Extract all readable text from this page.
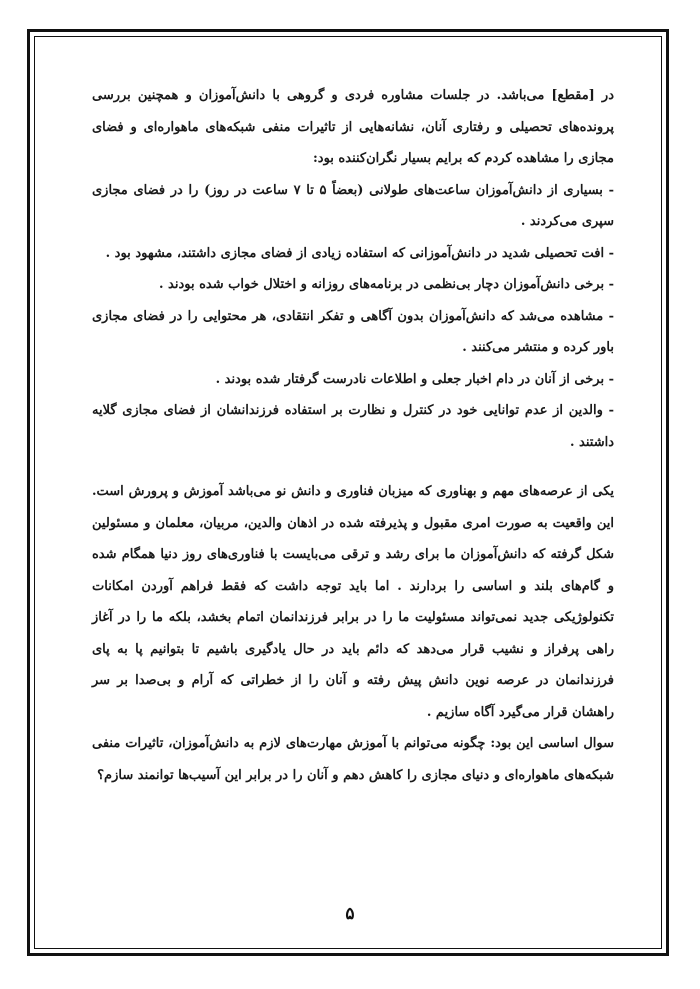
در [مقطع] می‌باشد. در جلسات مشاوره فردی و گروهی با دانش‌آموزان و همچنین بررسی پرونده‌های تحصیلی و رفتاری آنان، نشانه‌هایی از تاثیرات منفی شبکه‌های ماهواره‌ای و فضای مجازی را مشاهده کردم که برایم بسیار نگران‌کننده بود:

- بسیاری از دانش‌آموزان ساعت‌های طولانی (بعضاً ۵ تا ۷ ساعت در روز) را در فضای مجازی سپری می‌کردند .

- افت تحصیلی شدید در دانش‌آموزانی که استفاده زیادی از فضای مجازی داشتند، مشهود بود .

- برخی دانش‌آموزان دچار بی‌نظمی در برنامه‌های روزانه و اختلال خواب شده بودند .

- مشاهده می‌شد که دانش‌آموزان بدون آگاهی و تفکر انتقادی، هر محتوایی را در فضای مجازی باور کرده و منتشر می‌کنند .

- برخی از آنان در دام اخبار جعلی و اطلاعات نادرست گرفتار شده بودند .

- والدین از عدم توانایی خود در کنترل و نظارت بر استفاده فرزندانشان از فضای مجازی گلایه داشتند .

یکی از عرصه‌های مهم و بهناوری که میزبان فناوری و دانش نو می‌باشد آموزش و پرورش است. این واقعیت به صورت امری مقبول و پذیرفته شده در اذهان والدین، مربیان، معلمان و مسئولین شکل گرفته که دانش‌آموزان ما برای رشد و ترقی می‌بایست با فناوری‌های روز دنیا همگام شده و گام‌های بلند و اساسی را بردارند . اما باید توجه داشت که فقط فراهم آوردن امکانات تکنولوژیکی جدید نمی‌تواند مسئولیت ما را در برابر فرزندانمان اتمام بخشد، بلکه ما را در آغاز راهی پرفراز و نشیب قرار می‌دهد که دائم باید در حال یادگیری باشیم تا بتوانیم پا به پای فرزندانمان در عرصه نوین دانش پیش رفته و آنان را از خطراتی که آرام و بی‌صدا بر سر راهشان قرار می‌گیرد آگاه سازیم .

سوال اساسی این بود: چگونه می‌توانم با آموزش مهارت‌های لازم به دانش‌آموزان، تاثیرات منفی شبکه‌های ماهواره‌ای و دنیای مجازی را کاهش دهم و آنان را در برابر این آسیب‌ها توانمند سازم؟

۵
